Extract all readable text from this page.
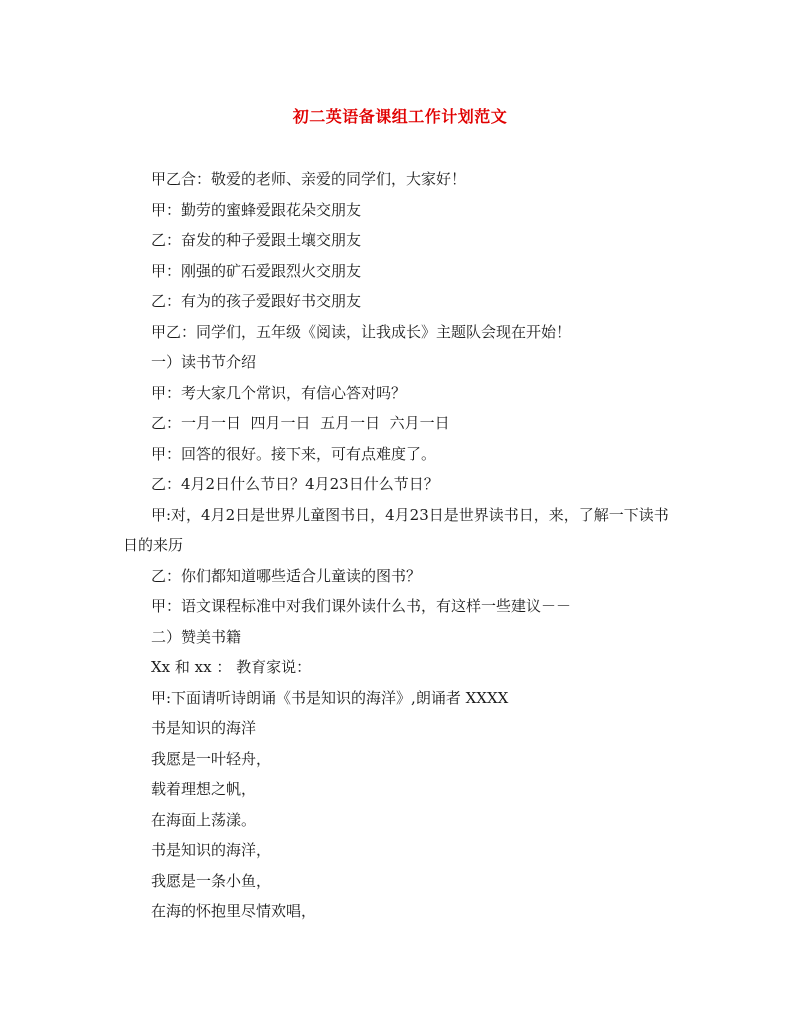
初二英语备课组工作计划范文

甲乙合：敬爱的老师、亲爱的同学们，大家好！

甲：勤劳的蜜蜂爱跟花朵交朋友

乙：奋发的种子爱跟土壤交朋友

甲：刚强的矿石爱跟烈火交朋友

乙：有为的孩子爱跟好书交朋友

甲乙：同学们，五年级《阅读，让我成长》主题队会现在开始！

一）读书节介绍

甲：考大家几个常识，有信心答对吗？

乙：一月一日  四月一日  五月一日  六月一日

甲：回答的很好。接下来，可有点难度了。

乙：4月2日什么节日？4月23日什么节日？

甲:对，4月2日是世界儿童图书日，4月23日是世界读书日，来，了解一下读书日的来历

乙：你们都知道哪些适合儿童读的图书？

甲：语文课程标准中对我们课外读什么书，有这样一些建议－－

二）赞美书籍

Xx 和 xx ： 教育家说：

甲:下面请听诗朗诵《书是知识的海洋》,朗诵者 XXXX

书是知识的海洋

我愿是一叶轻舟，

载着理想之帆，

在海面上荡漾。

书是知识的海洋，

我愿是一条小鱼，

在海的怀抱里尽情欢唱，
